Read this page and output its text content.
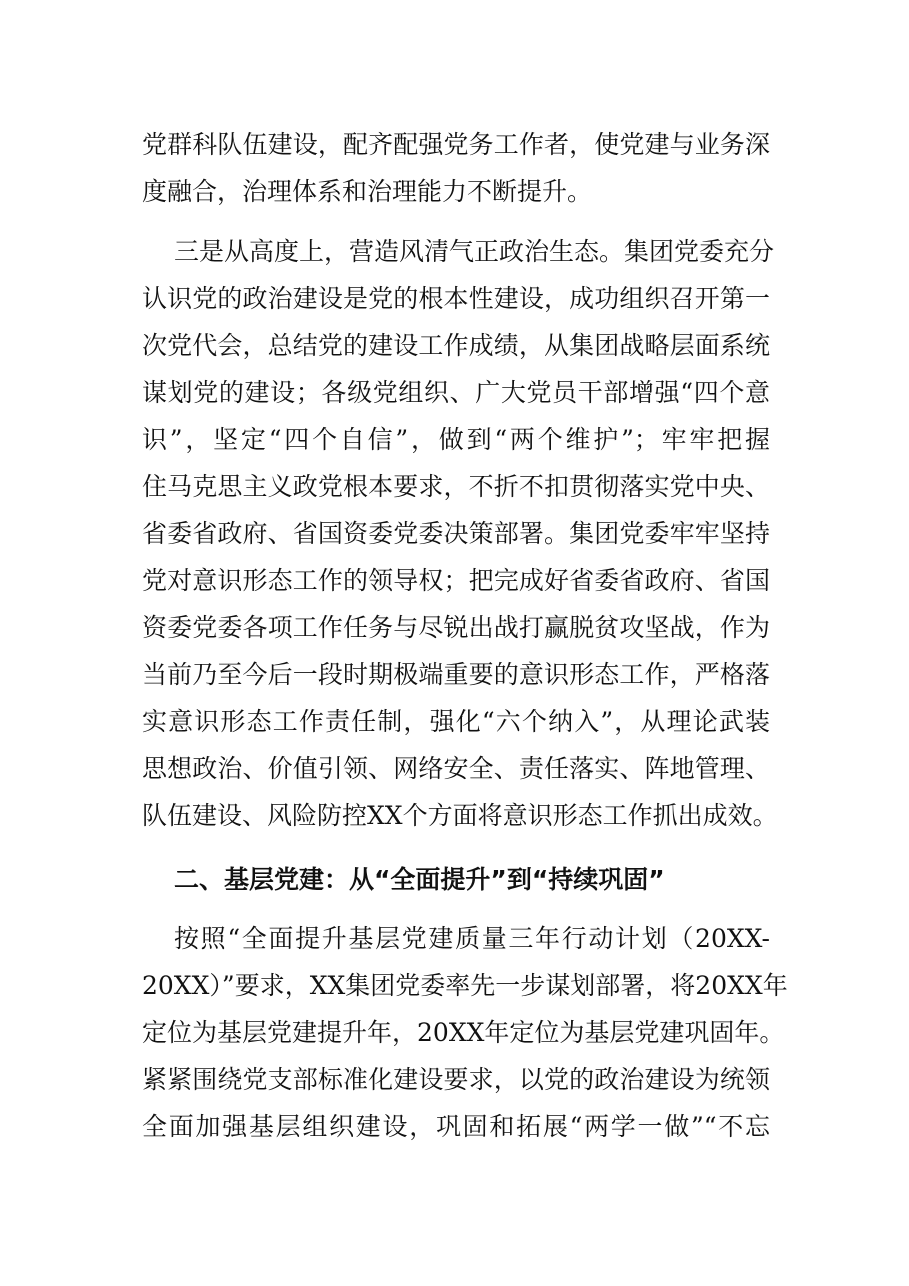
党群科队伍建设，配齐配强党务工作者，使党建与业务深
度融合，治理体系和治理能力不断提升。
三是从高度上，营造风清气正政治生态。集团党委充分
认识党的政治建设是党的根本性建设，成功组织召开第一
次党代会，总结党的建设工作成绩，从集团战略层面系统
谋划党的建设；各级党组织、广大党员干部增强“四个意
识”，坚定“四个自信”，做到“两个维护”；牢牢把握
住马克思主义政党根本要求，不折不扣贯彻落实党中央、
省委省政府、省国资委党委决策部署。集团党委牢牢坚持
党对意识形态工作的领导权；把完成好省委省政府、省国
资委党委各项工作任务与尽锐出战打赢脱贫攻坚战，作为
当前乃至今后一段时期极端重要的意识形态工作，严格落
实意识形态工作责任制，强化“六个纳入”，从理论武装
思想政治、价值引领、网络安全、责任落实、阵地管理、
队伍建设、风险防控XX个方面将意识形态工作抓出成效。
二、基层党建：从“全面提升”到“持续巩固”
按照“全面提升基层党建质量三年行动计划（20XX-
20XX）”要求，XX集团党委率先一步谋划部署，将20XX年
定位为基层党建提升年，20XX年定位为基层党建巩固年。
紧紧围绕党支部标准化建设要求，以党的政治建设为统领
全面加强基层组织建设，巩固和拓展“两学一做”“不忘
